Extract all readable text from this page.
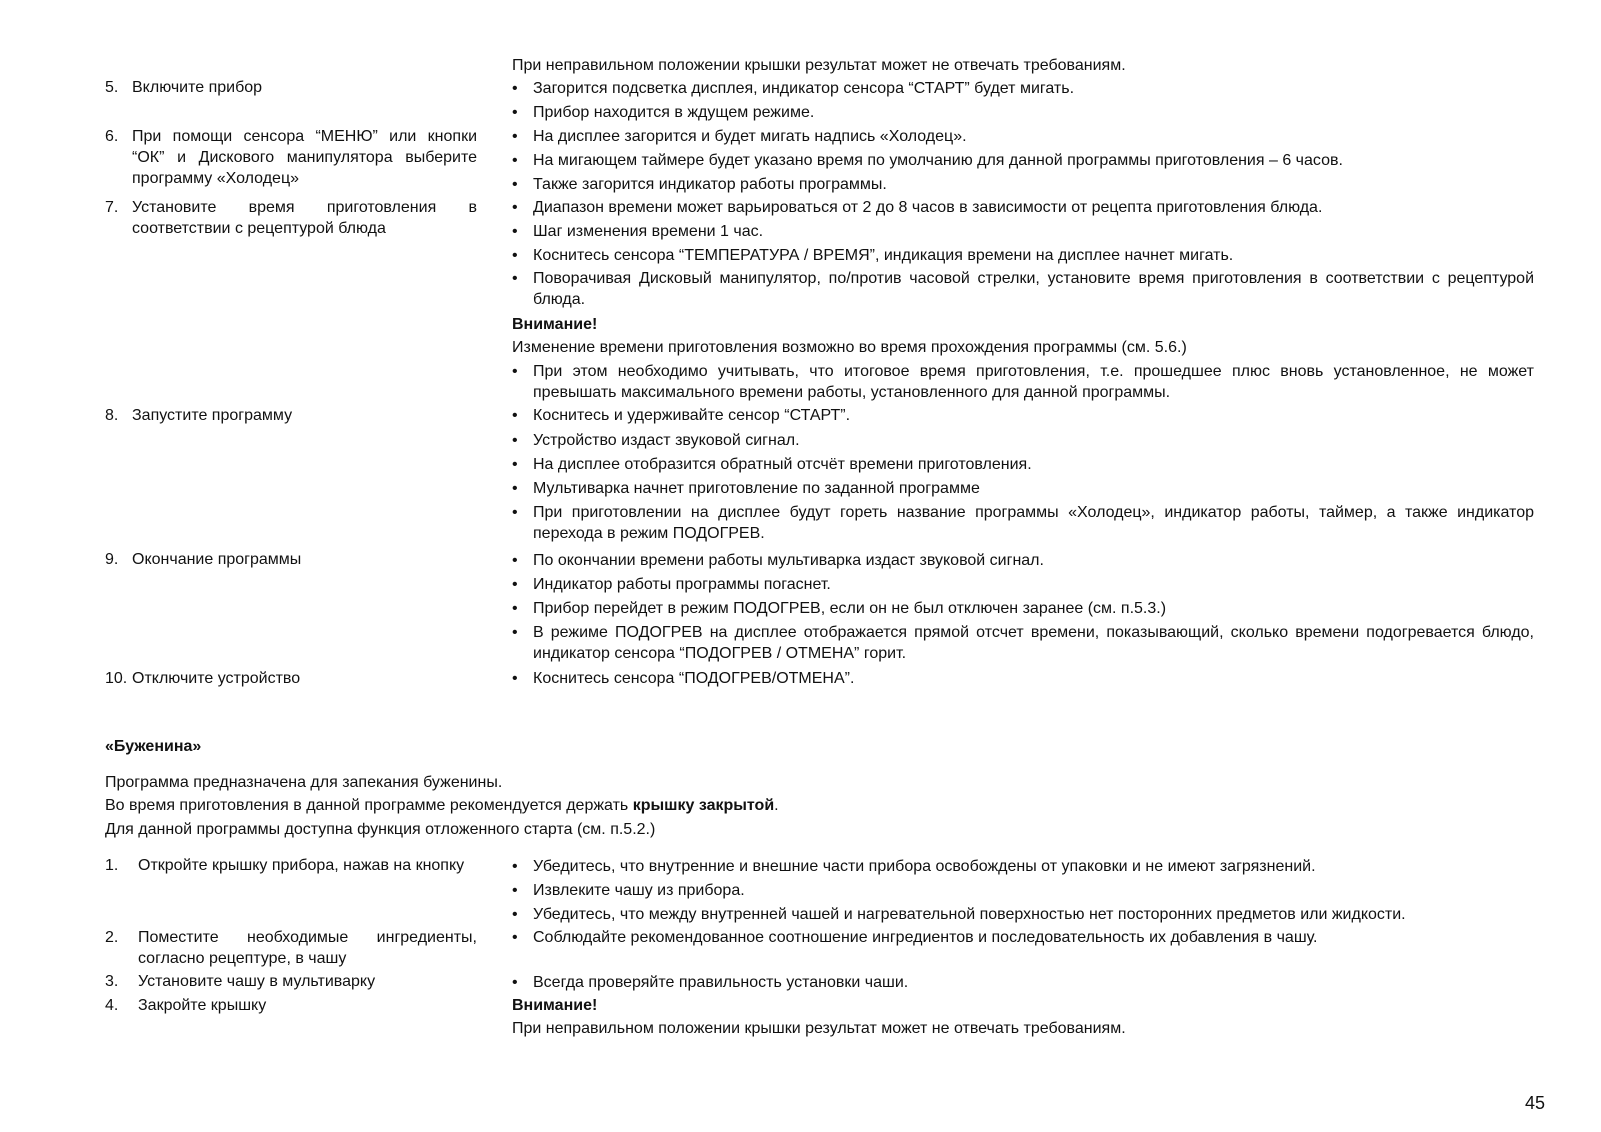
При неправильном положении крышки результат может не отвечать требованиям.
5. Включите прибор
6. При помощи сенсора “МЕНЮ” или кнопки “ОК” и Дискового манипулятора выберите программу «Холодец»
7. Установите время приготовления в соответствии с рецептурой блюда
8. Запустите программу
9. Окончание программы
10. Отключите устройство
• Загорится подсветка дисплея, индикатор сенсора “СТАРТ” будет мигать.
• Прибор находится в ждущем режиме.
• На дисплее загорится и будет мигать надпись «Холодец».
• На мигающем таймере будет указано время по умолчанию для данной программы приготовления – 6 часов.
• Также загорится индикатор работы программы.
• Диапазон времени может варьироваться от 2 до 8 часов в зависимости от рецепта приготовления блюда.
• Шаг изменения времени 1 час.
• Коснитесь сенсора “ТЕМПЕРАТУРА / ВРЕМЯ”, индикация времени на дисплее начнет мигать.
• Поворачивая Дисковый манипулятор, по/против часовой стрелки, установите время приготовления в соответствии с рецептурой блюда.
Внимание!
Изменение времени приготовления возможно во время прохождения программы (см. 5.6.)
• При этом необходимо учитывать, что итоговое время приготовления, т.е. прошедшее плюс вновь установленное, не может превышать максимального времени работы, установленного для данной программы.
• Коснитесь и удерживайте сенсор “СТАРТ”.
• Устройство издаст звуковой сигнал.
• На дисплее отобразится обратный отсчёт времени приготовления.
• Мультиварка начнет приготовление по заданной программе
• При приготовлении на дисплее будут гореть название программы «Холодец», индикатор работы, таймер, а также индикатор перехода в режим ПОДОГРЕВ.
• По окончании времени работы мультиварка издаст звуковой сигнал.
• Индикатор работы программы погаснет.
• Прибор перейдет в режим ПОДОГРЕВ, если он не был отключен заранее (см. п.5.3.)
• В режиме ПОДОГРЕВ на дисплее отображается прямой отсчет времени, показывающий, сколько времени подогревается блюдо, индикатор сенсора “ПОДОГРЕВ / ОТМЕНА” горит.
• Коснитесь сенсора “ПОДОГРЕВ/ОТМЕНА”.
«Буженина»
Программа предназначена для запекания буженины.
Во время приготовления в данной программе рекомендуется держать крышку закрытой.
Для данной программы доступна функция отложенного старта (см. п.5.2.)
1. Откройте крышку прибора, нажав на кнопку
2. Поместите необходимые ингредиенты, согласно рецептуре, в чашу
3. Установите чашу в мультиварку
4. Закройте крышку
• Убедитесь, что внутренние и внешние части прибора освобождены от упаковки и не имеют загрязнений.
• Извлеките чашу из прибора.
• Убедитесь, что между внутренней чашей и нагревательной поверхностью нет посторонних предметов или жидкости.
• Соблюдайте рекомендованное соотношение ингредиентов и последовательность их добавления в чашу.
• Всегда проверяйте правильность установки чаши.
Внимание!
При неправильном положении крышки результат может не отвечать требованиям.
45
